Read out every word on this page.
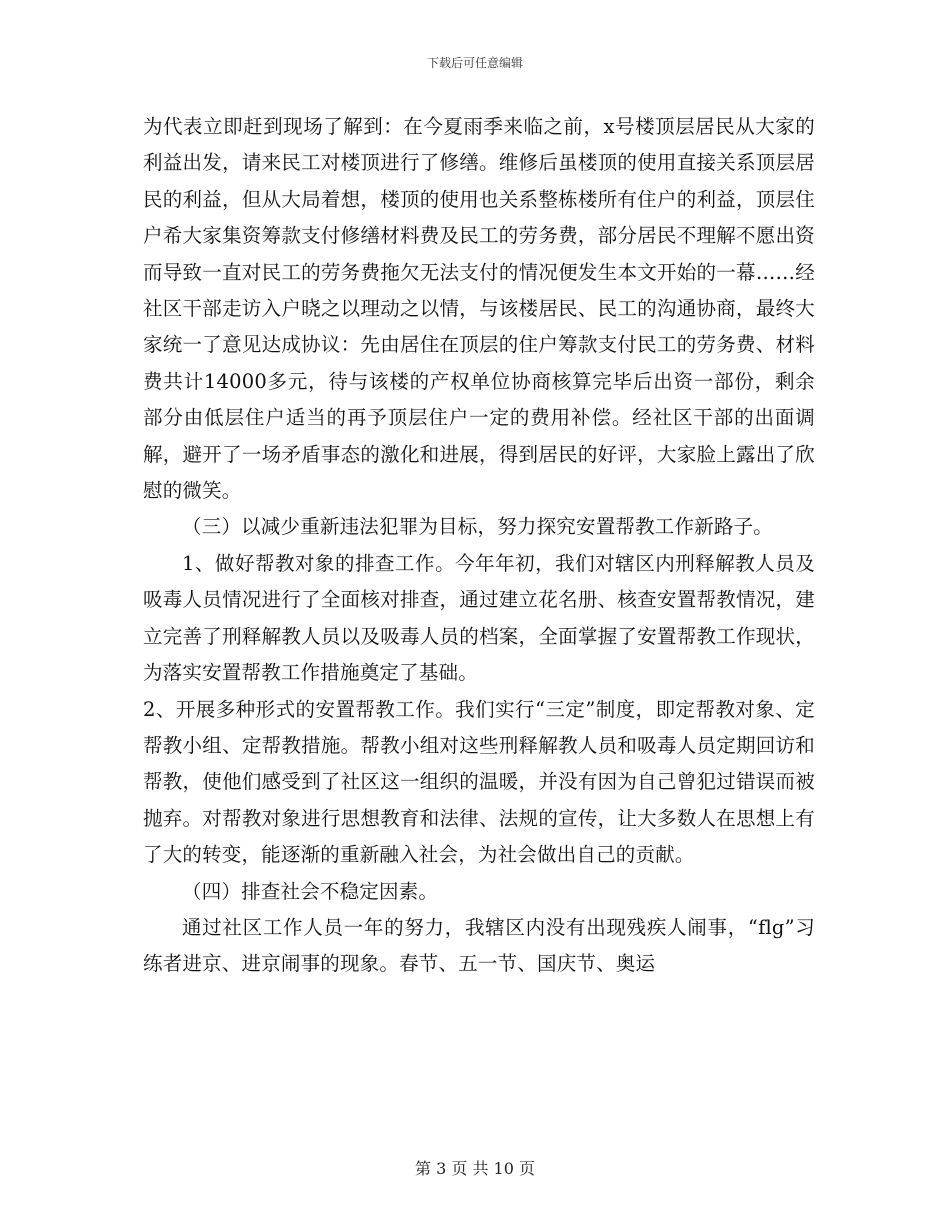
下载后可任意编辑

为代表立即赶到现场了解到：在今夏雨季来临之前，x号楼顶层居民从大家的利益出发，请来民工对楼顶进行了修缮。维修后虽楼顶的使用直接关系顶层居民的利益，但从大局着想，楼顶的使用也关系整栋楼所有住户的利益，顶层住户希大家集资筹款支付修缮材料费及民工的劳务费，部分居民不理解不愿出资而导致一直对民工的劳务费拖欠无法支付的情况便发生本文开始的一幕……经社区干部走访入户晓之以理动之以情，与该楼居民、民工的沟通协商，最终大家统一了意见达成协议：先由居住在顶层的住户筹款支付民工的劳务费、材料费共计14000多元，待与该楼的产权单位协商核算完毕后出资一部份，剩余部分由低层住户适当的再予顶层住户一定的费用补偿。经社区干部的出面调解，避开了一场矛盾事态的激化和进展，得到居民的好评，大家脸上露出了欣慰的微笑。

（三）以减少重新违法犯罪为目标，努力探究安置帮教工作新路子。

1、做好帮教对象的排查工作。今年年初，我们对辖区内刑释解教人员及吸毒人员情况进行了全面核对排查，通过建立花名册、核查安置帮教情况，建立完善了刑释解教人员以及吸毒人员的档案，全面掌握了安置帮教工作现状，为落实安置帮教工作措施奠定了基础。

2、开展多种形式的安置帮教工作。我们实行“三定”制度，即定帮教对象、定帮教小组、定帮教措施。帮教小组对这些刑释解教人员和吸毒人员定期回访和帮教，使他们感受到了社区这一组织的温暖，并没有因为自己曾犯过错误而被抛弃。对帮教对象进行思想教育和法律、法规的宣传，让大多数人在思想上有了大的转变，能逐渐的重新融入社会，为社会做出自己的贡献。

（四）排查社会不稳定因素。

通过社区工作人员一年的努力，我辖区内没有出现残疾人闹事，“flg”习练者进京、进京闹事的现象。春节、五一节、国庆节、奥运

第 3 页 共 10 页
